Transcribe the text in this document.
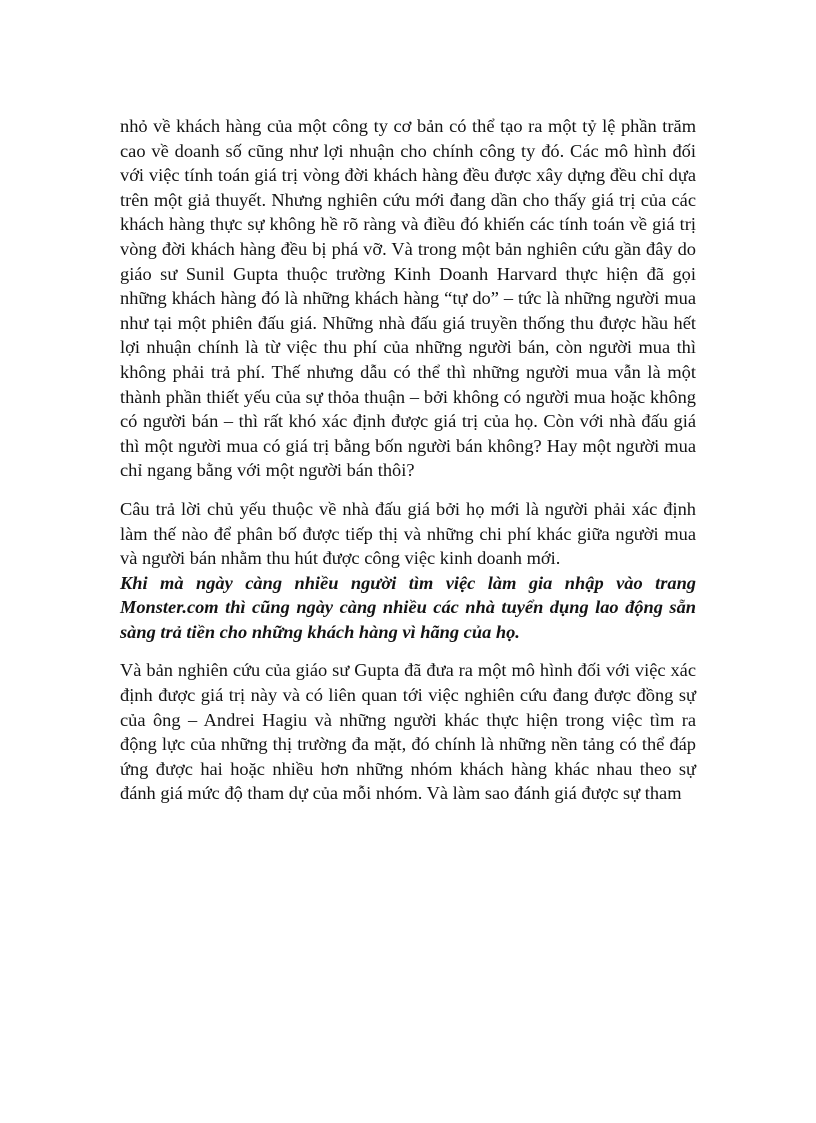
nhỏ về khách hàng của một công ty cơ bản có thể tạo ra một tỷ lệ phần trăm cao về doanh số cũng như lợi nhuận cho chính công ty đó. Các mô hình đối với việc tính toán giá trị vòng đời khách hàng đều được xây dựng đều chỉ dựa trên một giả thuyết. Nhưng nghiên cứu mới đang dần cho thấy giá trị của các khách hàng thực sự không hề rõ ràng và điều đó khiến các tính toán về giá trị vòng đời khách hàng đều bị phá vỡ. Và trong một bản nghiên cứu gần đây do giáo sư Sunil Gupta thuộc trường Kinh Doanh Harvard thực hiện đã gọi những khách hàng đó là những khách hàng “tự do” – tức là những người mua như tại một phiên đấu giá. Những nhà đấu giá truyền thống thu được hầu hết lợi nhuận chính là từ việc thu phí của những người bán, còn người mua thì không phải trả phí. Thế nhưng dẫu có thể thì những người mua vẫn là một thành phần thiết yếu của sự thỏa thuận – bởi không có người mua hoặc không có người bán – thì rất khó xác định được giá trị của họ. Còn với nhà đấu giá thì một người mua có giá trị bằng bốn người bán không? Hay một người mua chỉ ngang bằng với một người bán thôi?

Câu trả lời chủ yếu thuộc về nhà đấu giá bởi họ mới là người phải xác định làm thế nào để phân bố được tiếp thị và những chi phí khác giữa người mua và người bán nhằm thu hút được công việc kinh doanh mới.

Khi mà ngày càng nhiều người tìm việc làm gia nhập vào trang Monster.com thì cũng ngày càng nhiều các nhà tuyển dụng lao động sẵn sàng trả tiền cho những khách hàng vì hãng của họ.

Và bản nghiên cứu của giáo sư Gupta đã đưa ra một mô hình đối với việc xác định được giá trị này và có liên quan tới việc nghiên cứu đang được đồng sự của ông – Andrei Hagiu và những người khác thực hiện trong việc tìm ra động lực của những thị trường đa mặt, đó chính là những nền tảng có thể đáp ứng được hai hoặc nhiều hơn những nhóm khách hàng khác nhau theo sự đánh giá mức độ tham dự của mỗi nhóm. Và làm sao đánh giá được sự tham
